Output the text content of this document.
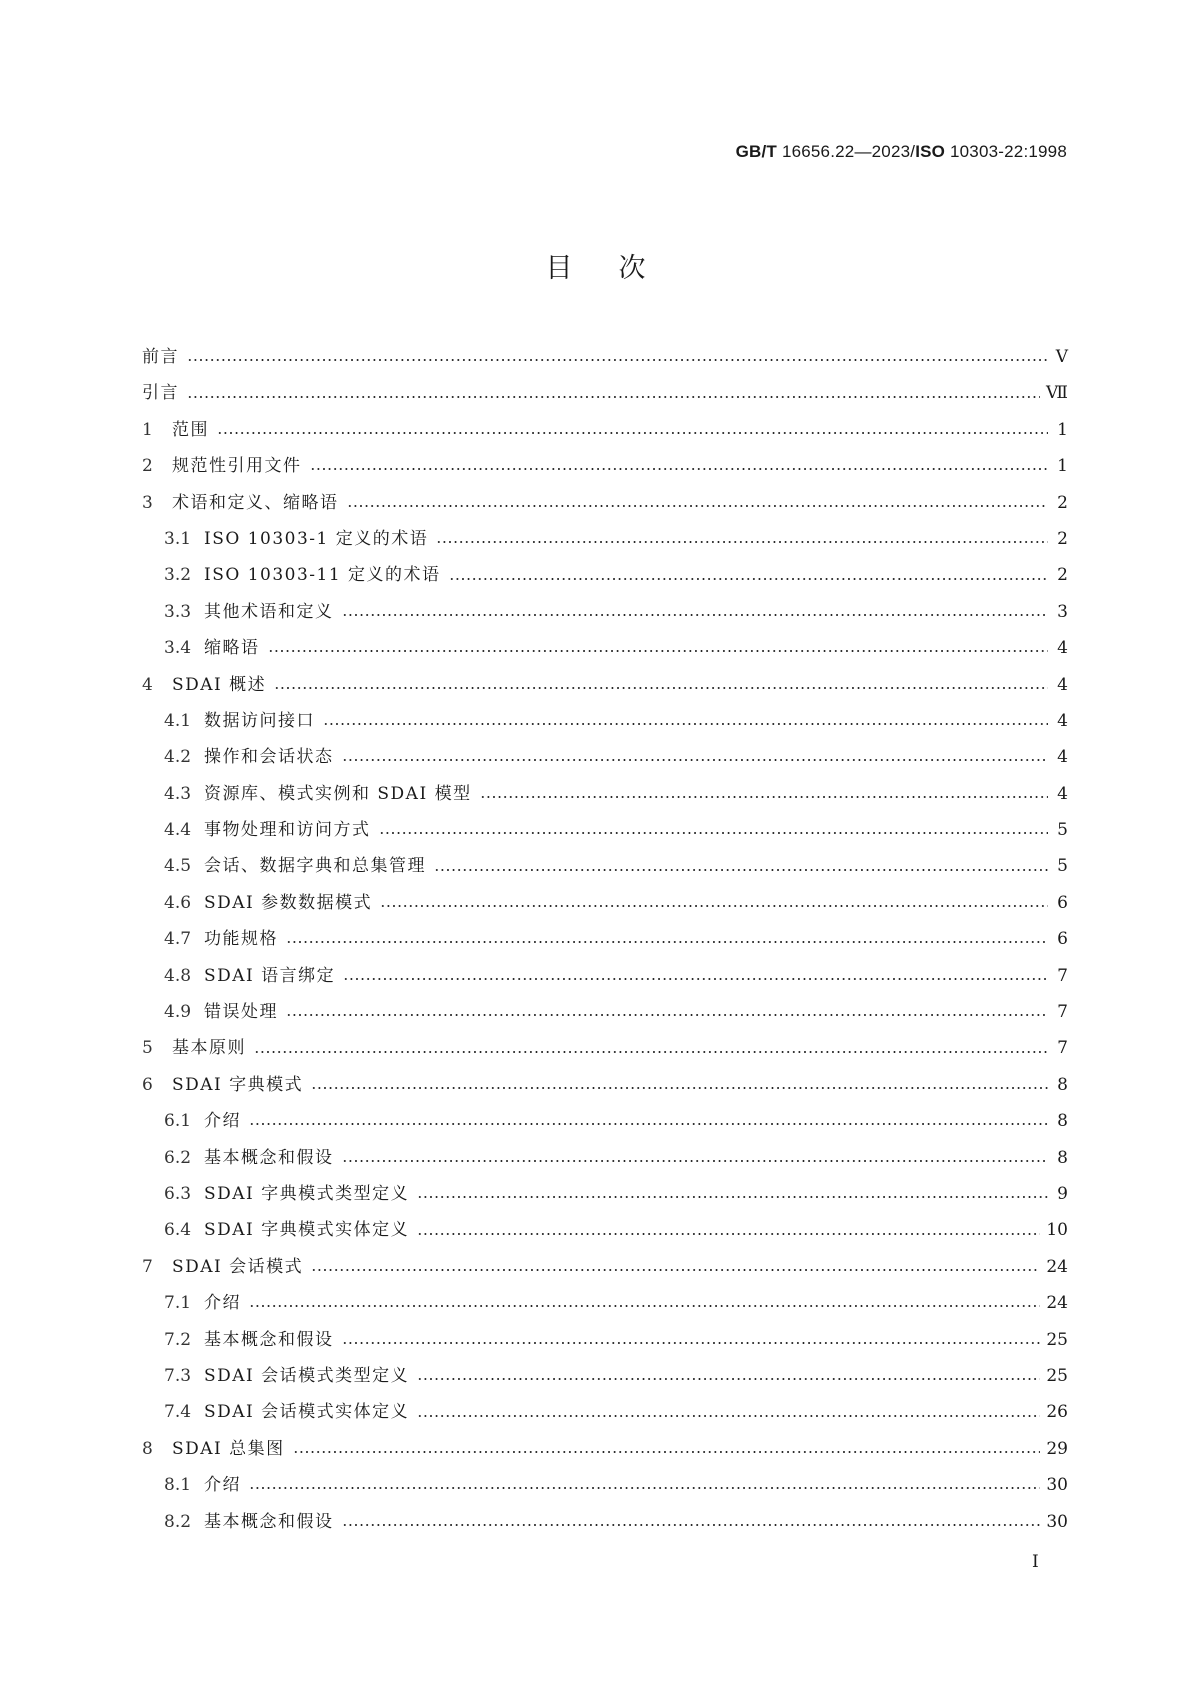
GB/T 16656.22—2023/ISO 10303-22:1998
目次
前言	Ⅴ
引言	Ⅶ
1	范围	1
2	规范性引用文件	1
3	术语和定义、缩略语	2
3.1 ISO 10303-1 定义的术语	2
3.2 ISO 10303-11 定义的术语	2
3.3 其他术语和定义	3
3.4 缩略语	4
4	SDAI 概述	4
4.1 数据访问接口	4
4.2 操作和会话状态	4
4.3 资源库、模式实例和 SDAI 模型	4
4.4 事物处理和访问方式	5
4.5 会话、数据字典和总集管理	5
4.6 SDAI 参数数据模式	6
4.7 功能规格	6
4.8 SDAI 语言绑定	7
4.9 错误处理	7
5	基本原则	7
6	SDAI 字典模式	8
6.1 介绍	8
6.2 基本概念和假设	8
6.3 SDAI 字典模式类型定义	9
6.4 SDAI 字典模式实体定义	10
7	SDAI 会话模式	24
7.1 介绍	24
7.2 基本概念和假设	25
7.3 SDAI 会话模式类型定义	25
7.4 SDAI 会话模式实体定义	26
8	SDAI 总集图	29
8.1 介绍	30
8.2 基本概念和假设	30
Ⅰ
